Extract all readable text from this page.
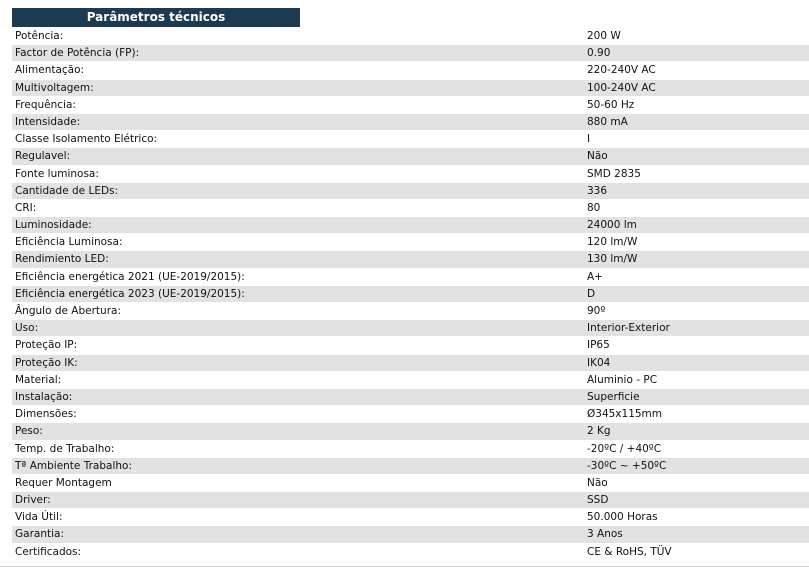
Parâmetros técnicos
Potência:	200 W
Factor de Potência (FP):	0.90
Alimentação:	220-240V AC
Multivoltagem:	100-240V AC
Frequência:	50-60 Hz
Intensidade:	880 mA
Classe Isolamento Elétrico:	I
Regulavel:	Não
Fonte luminosa:	SMD 2835
Cantidade de LEDs:	336
CRI:	80
Luminosidade:	24000 lm
Eficiência Luminosa:	120 lm/W
Rendimiento LED:	130 lm/W
Eficiência energética 2021 (UE-2019/2015):	A+
Eficiência energética 2023 (UE-2019/2015):	D
Ângulo de Abertura:	90º
Uso:	Interior-Exterior
Proteção IP:	IP65
Proteção IK:	IK04
Material:	Aluminio - PC
Instalação:	Superficie
Dimensões:	Ø345x115mm
Peso:	2 Kg
Temp. de Trabalho:	-20ºC / +40ºC
Tª Ambiente Trabalho:	-30ºC ~ +50ºC
Requer Montagem	Não
Driver:	SSD
Vida Útil:	50.000 Horas
Garantia:	3 Anos
Certificados:	CE & RoHS, TÜV
